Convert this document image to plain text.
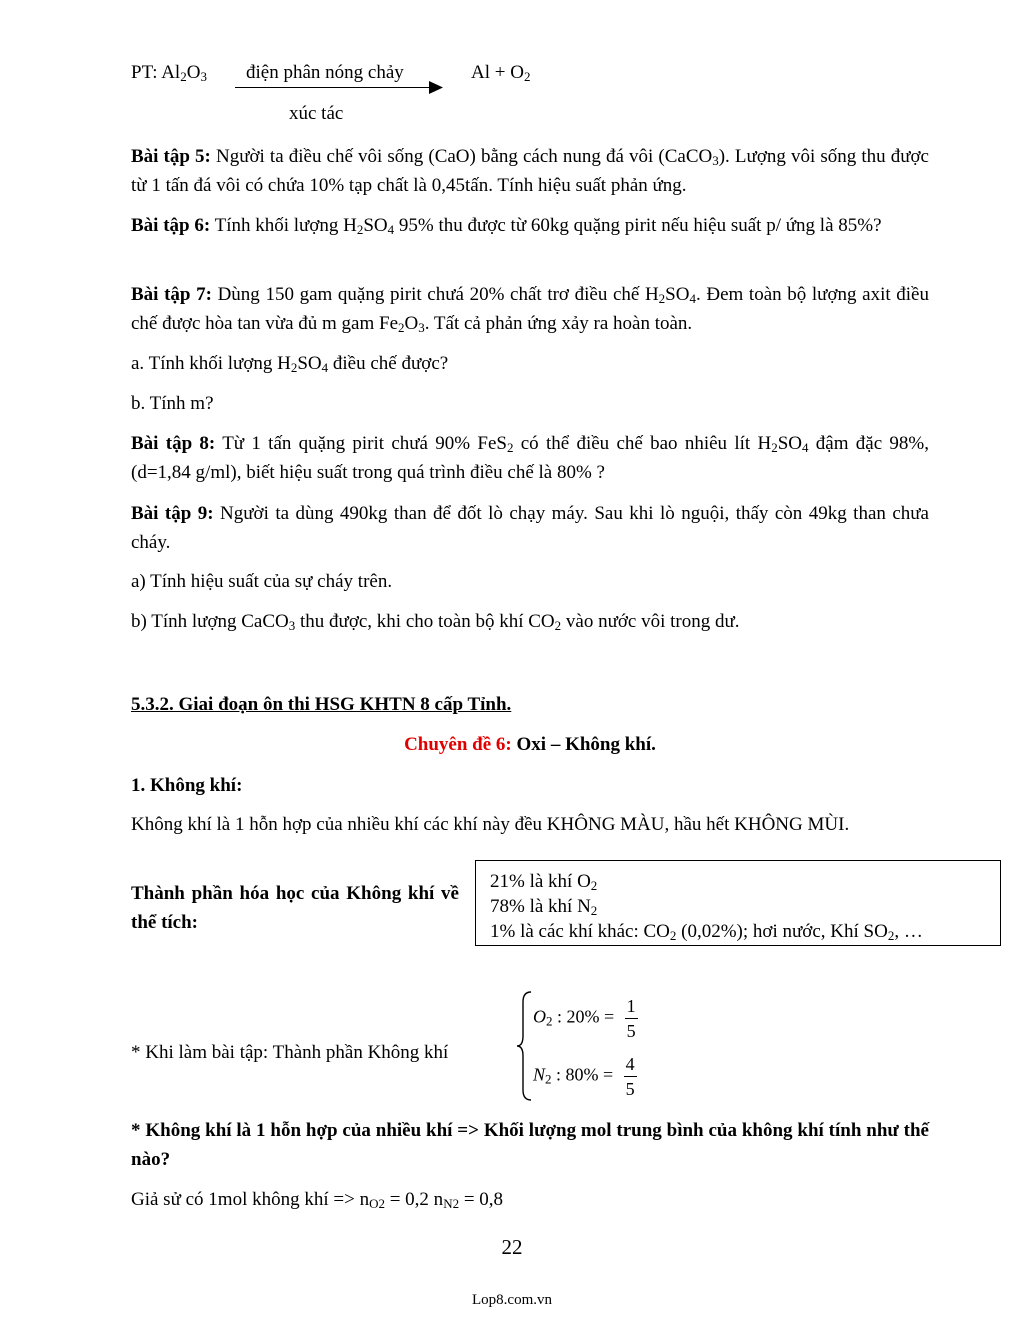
PT: $Al_2O_3$ điện phân nóng chảy	$Al + O_2$
xúc tác

Bài tập 5: Người ta điều chế vôi sống (CaO) bằng cách nung đá vôi (CaCO$_3$). Lượng vôi sống thu được từ 1 tấn đá vôi có chứa 10% tạp chất là 0,45tấn. Tính hiệu suất phản ứng.

Bài tập 6: Tính khối lượng $H_2SO_4$ 95% thu được từ 60kg quặng pirit nếu hiệu suất p/ ứng là 85%?

Bài tập 7: Dùng 150 gam quặng pirit chưá 20% chất trơ điều chế $H_2SO_4$. Đem toàn bộ lượng axit điều chế được hòa tan vừa đủ m gam $Fe_2O_3$. Tất cả phản ứng xảy ra hoàn toàn.

a. Tính khối lượng $H_2SO_4$ điều chế được?

b. Tính m?

Bài tập 8: Từ 1 tấn quặng pirit chưá 90% FeS$_2$ có thể điều chế bao nhiêu lít $H_2SO_4$ đậm đặc 98%, (d=1,84 g/ml), biết hiệu suất trong quá trình điều chế là 80% ?

Bài tập 9: Người ta dùng 490kg than để đốt lò chạy máy. Sau khi lò nguội, thấy còn 49kg than chưa cháy.

a) Tính hiệu suất của sự cháy trên.

b) Tính lượng CaCO$_3$ thu được, khi cho toàn bộ khí $CO_2$ vào nước vôi trong dư.

5.3.2. Giai đoạn ôn thi HSG KHTN 8 cấp Tỉnh.

Chuyên đề 6: Oxi – Không khí.

1. Không khí:

Không khí là 1 hỗn hợp của nhiều khí các khí này đều KHÔNG MÀU, hầu hết KHÔNG MÙI.

Thành phần hóa học của Không khí về thể tích:

* Khi làm bài tập: Thành phần Không khí

21% là khí $O_2$
78% là khí $N_2$
1% là các khí khác: $CO_2$ (0,02%); hơi nước, Khí $SO_2$, …
$O_2$ : $20\% = \frac{1}{5}$
$N_2$ : $80\% = \frac{4}{5}$

* Không khí là 1 hỗn hợp của nhiều khí => Khối lượng mol trung bình của không khí tính như thế nào?

Giả sử có 1mol không khí => $n_{O2} = 0,2$ $n_{N2} = 0,8$

22
Lop8.com.vn
